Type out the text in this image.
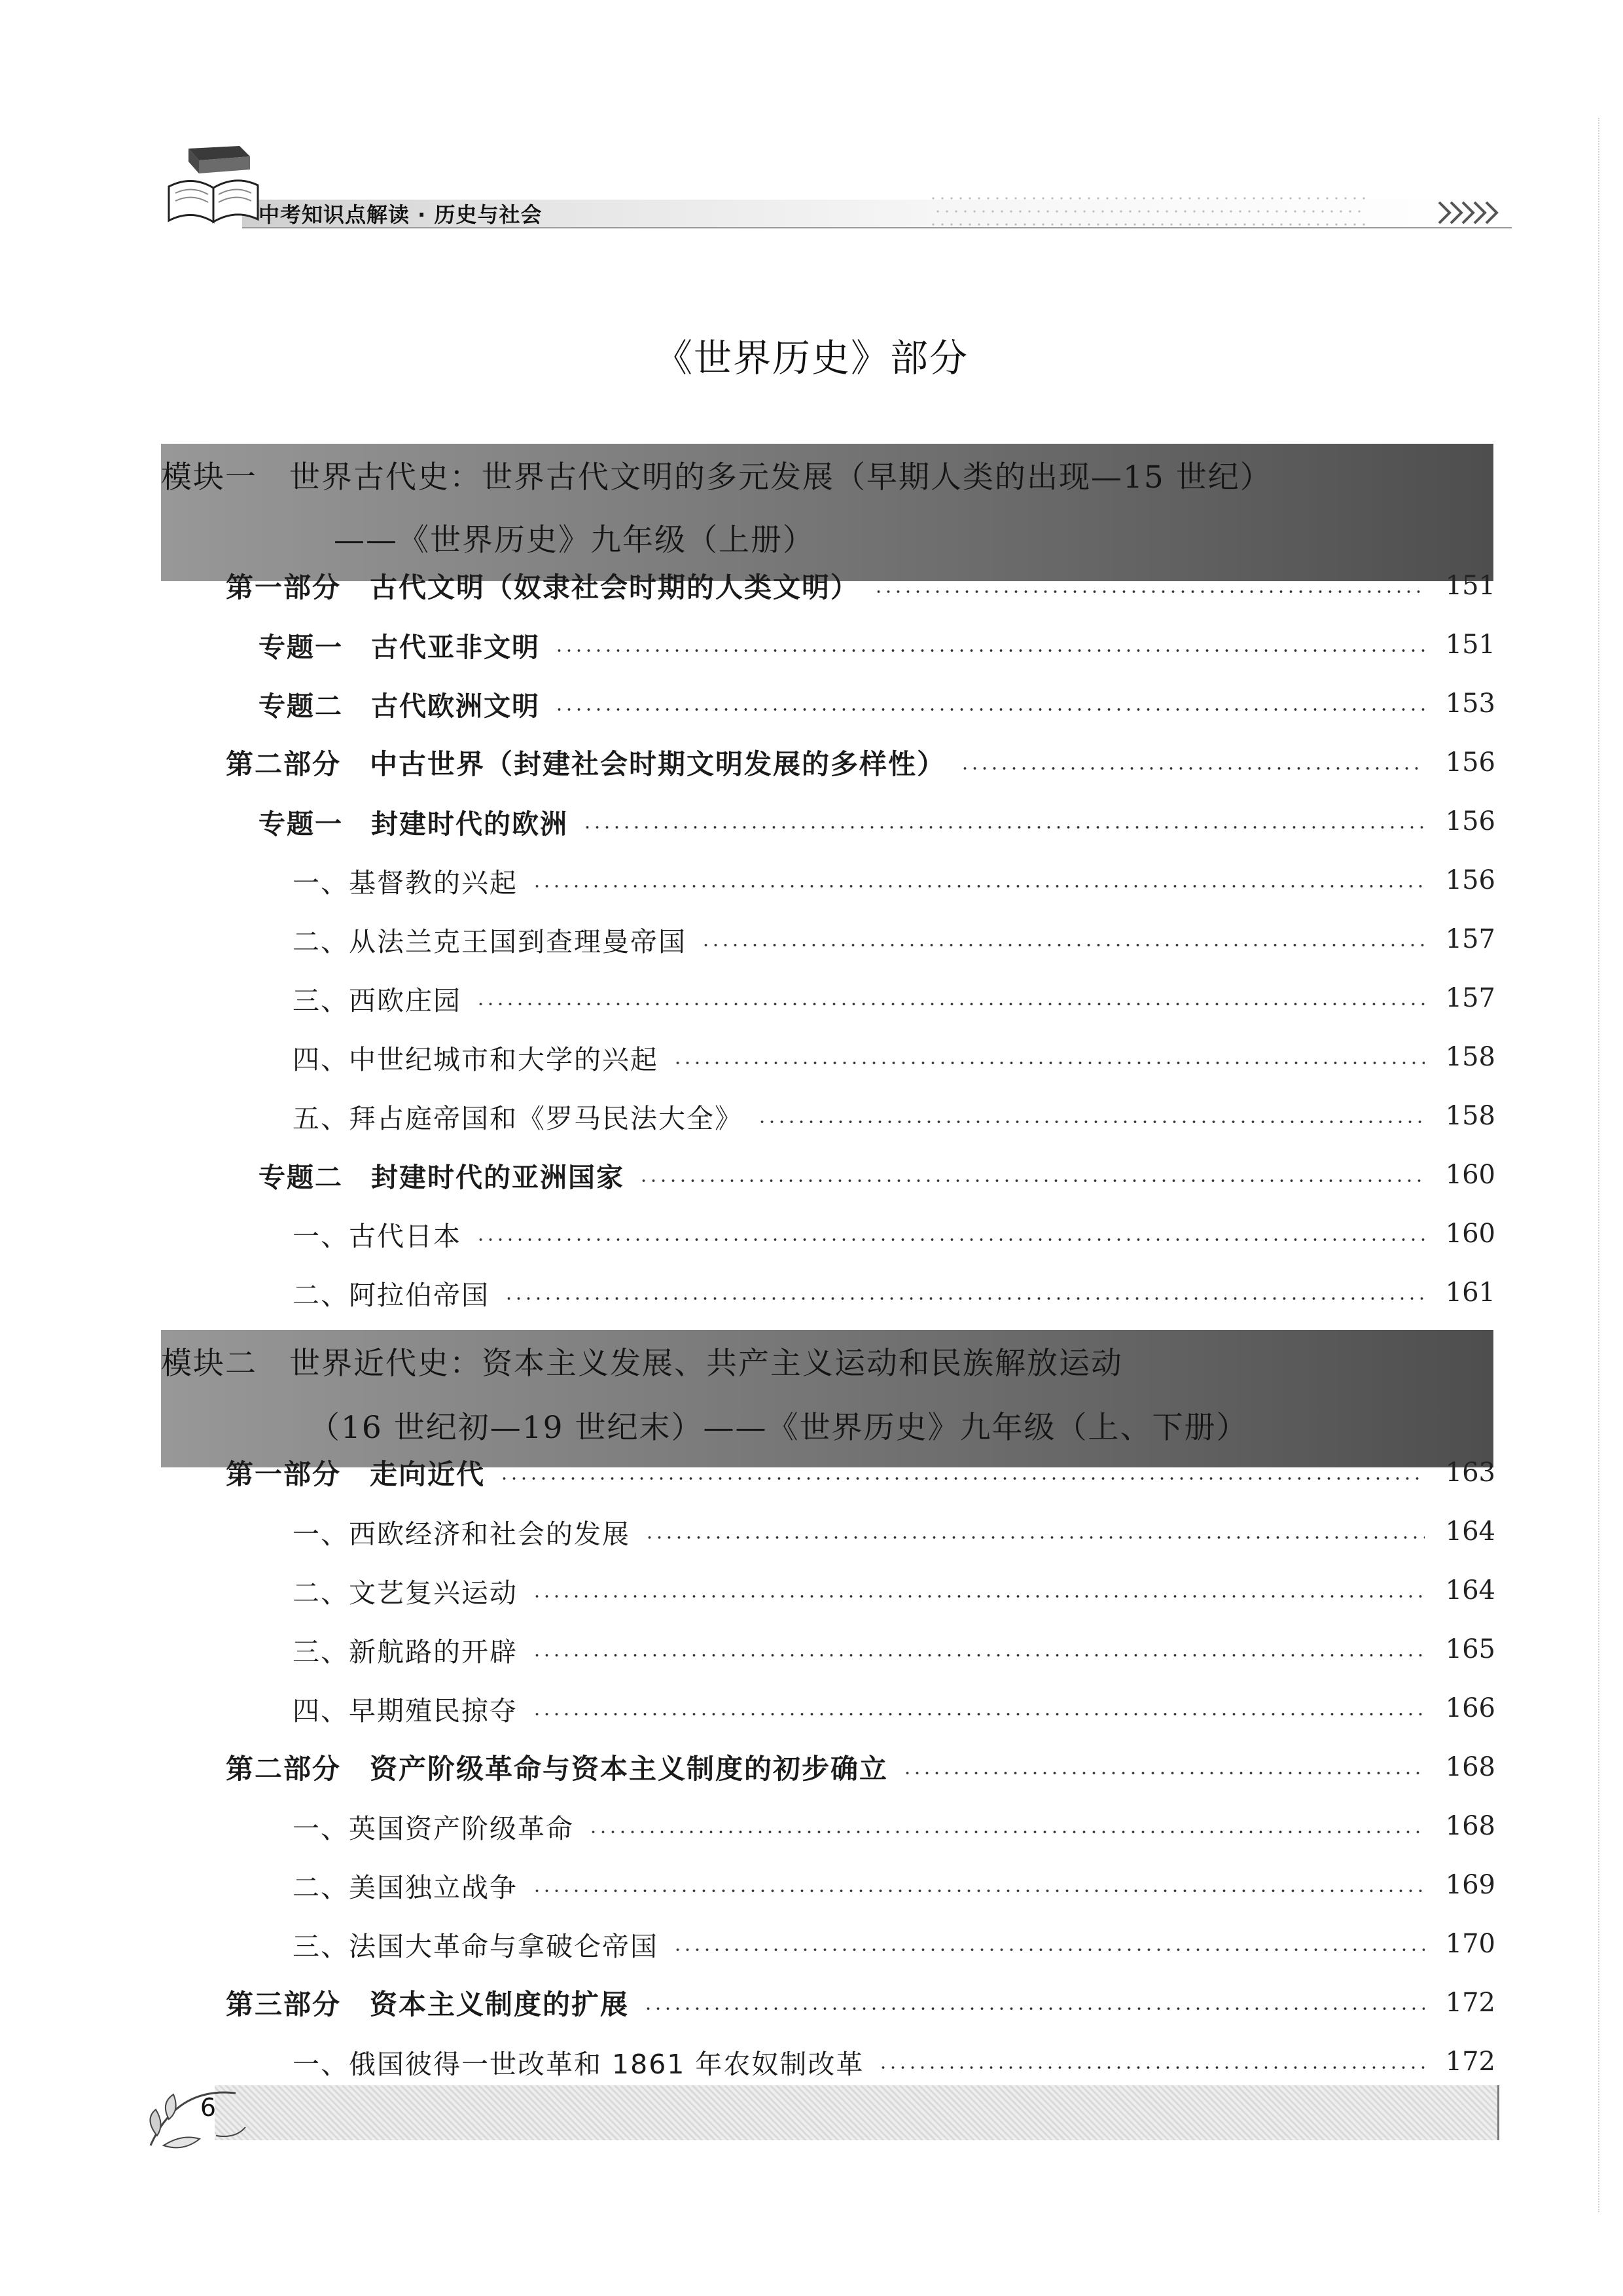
中考知识点解读 · 历史与社会
《世界历史》部分
模块一　世界古代史：世界古代文明的多元发展（早期人类的出现—15 世纪）
——《世界历史》九年级（上册）
模块二　世界近代史：资本主义发展、共产主义运动和民族解放运动
（16 世纪初—19 世纪末）——《世界历史》九年级（上、下册）
第一部分　古代文明（奴隶社会时期的人类文明）	151
专题一　古代亚非文明	151
专题二　古代欧洲文明	153
第二部分　中古世界（封建社会时期文明发展的多样性）	156
专题一　封建时代的欧洲	156
一、基督教的兴起	156
二、从法兰克王国到查理曼帝国	157
三、西欧庄园	157
四、中世纪城市和大学的兴起	158
五、拜占庭帝国和《罗马民法大全》	158
专题二　封建时代的亚洲国家	160
一、古代日本	160
二、阿拉伯帝国	161
第一部分　走向近代	163
一、西欧经济和社会的发展	164
二、文艺复兴运动	164
三、新航路的开辟	165
四、早期殖民掠夺	166
第二部分　资产阶级革命与资本主义制度的初步确立	168
一、英国资产阶级革命	168
二、美国独立战争	169
三、法国大革命与拿破仑帝国	170
第三部分　资本主义制度的扩展	172
一、俄国彼得一世改革和 1861 年农奴制改革	172
6
